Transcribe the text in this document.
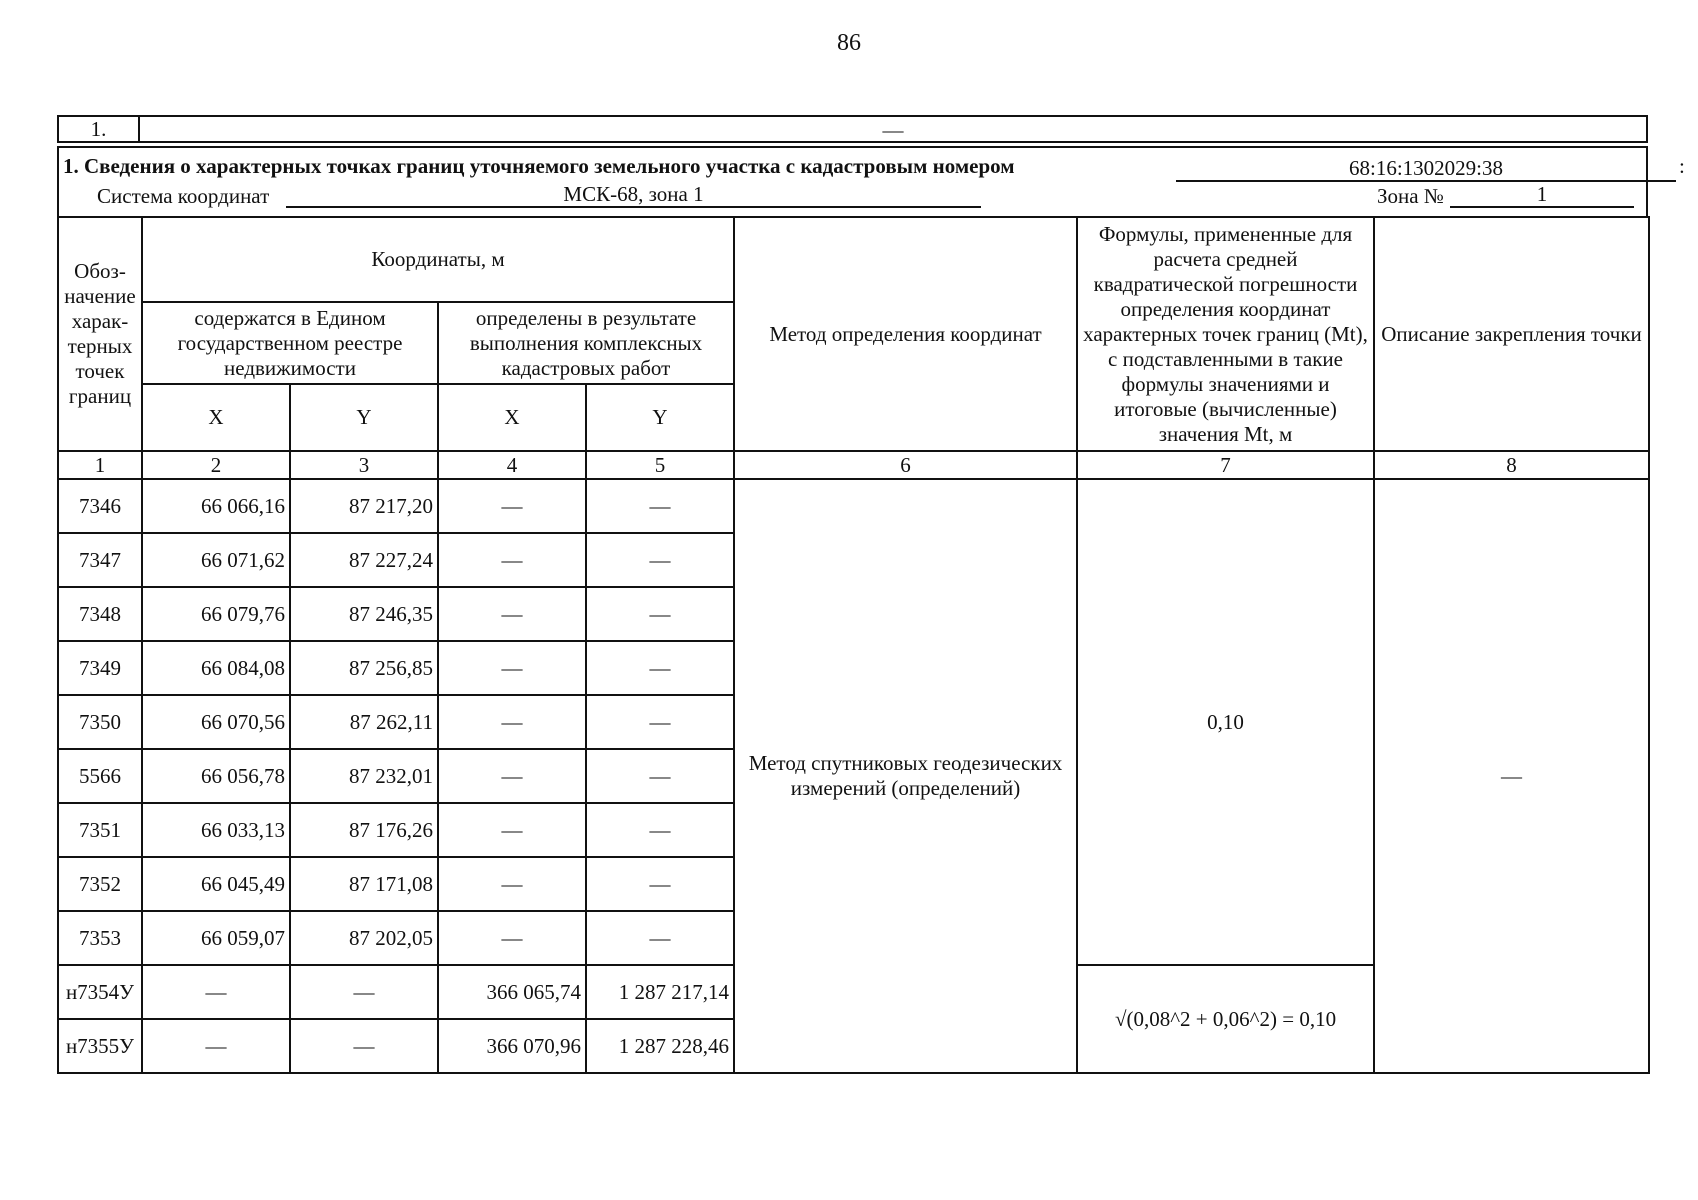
86
1.	—
1. Сведения о характерных точках границ уточняемого земельного участка с кадастровым номером	68:16:1302029:38	:
Система координат	МСК-68, зона 1	Зона №	1
Обоз-начение харак-терных точек границ	Координаты, м				Метод определения координат	Формулы, примененные для расчета средней квадратической погрешности определения координат характерных точек границ (Mt), с подставленными в такие формулы значениями и итоговые (вычисленные) значения Mt, м	Описание закрепления точки
	содержатся в Едином государственном реестре недвижимости		определены в результате выполнения комплексных кадастровых работ				
	X	Y	X	Y			
1	2	3	4	5	6	7	8
7346	66 066,16	87 217,20	—	—	Метод спутниковых геодезических измерений (определений)	0,10	—
7347	66 071,62	87 227,24	—	—			
7348	66 079,76	87 246,35	—	—			
7349	66 084,08	87 256,85	—	—			
7350	66 070,56	87 262,11	—	—			
5566	66 056,78	87 232,01	—	—			
7351	66 033,13	87 176,26	—	—			
7352	66 045,49	87 171,08	—	—			
7353	66 059,07	87 202,05	—	—			
н7354У	—	—	366 065,74	1 287 217,14		√(0,08^2 + 0,06^2) = 0,10	
н7355У	—	—	366 070,96	1 287 228,46			
